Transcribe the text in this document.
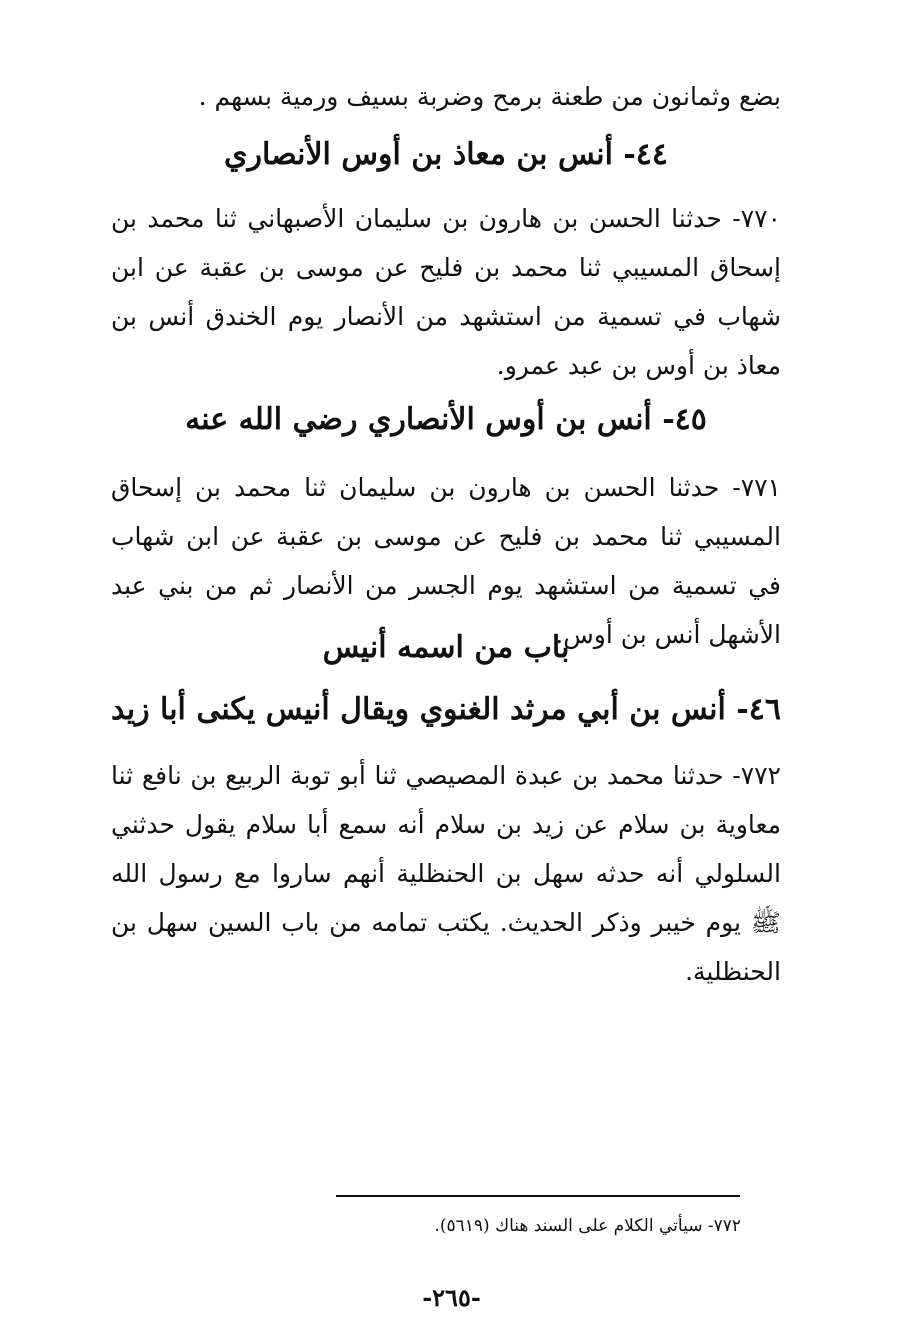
بضع وثمانون من طعنة برمح وضربة بسيف ورمية بسهم .
٤٤- أنس بن معاذ بن أوس الأنصاري
٧٧٠- حدثنا الحسن بن هارون بن سليمان الأصبهاني ثنا محمد بن إسحاق المسيبي ثنا محمد بن فليح عن موسى بن عقبة عن ابن شهاب في تسمية من استشهد من الأنصار يوم الخندق أنس بن معاذ بن أوس بن عبد عمرو.
٤٥- أنس بن أوس الأنصاري رضي الله عنه
٧٧١- حدثنا الحسن بن هارون بن سليمان ثنا محمد بن إسحاق المسيبي ثنا محمد بن فليح عن موسى بن عقبة عن ابن شهاب في تسمية من استشهد يوم الجسر من الأنصار ثم من بني عبد الأشهل أنس بن أوس.
باب من اسمه أنيس
٤٦- أنس بن أبي مرثد الغنوي ويقال أنيس يكنى أبا زيد
٧٧٢- حدثنا محمد بن عبدة المصيصي ثنا أبو توبة الربيع بن نافع ثنا معاوية بن سلام عن زيد بن سلام أنه سمع أبا سلام يقول حدثني السلولي أنه حدثه سهل بن الحنظلية أنهم ساروا مع رسول الله ﷺ يوم خيبر وذكر الحديث. يكتب تمامه من باب السين سهل بن الحنظلية.
٧٧٢- سيأتي الكلام على السند هناك (٥٦١٩).
-٢٦٥-
